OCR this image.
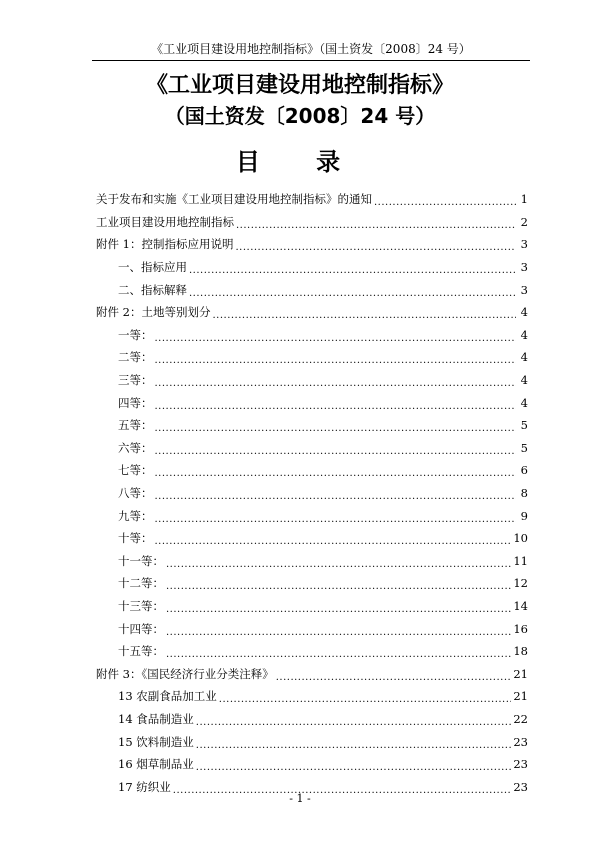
《工业项目建设用地控制指标》（国土资发〔2008〕24 号）
《工业项目建设用地控制指标》
（国土资发〔2008〕24 号）
目 录
关于发布和实施《工业项目建设用地控制指标》的通知 .....	1
工业项目建设用地控制指标 .....	2
附件 1：控制指标应用说明 .....	3
一、指标应用 .....	3
二、指标解释 .....	3
附件 2：土地等别划分 .....	4
一等： .....	4
二等： .....	4
三等： .....	4
四等： .....	4
五等： .....	5
六等： .....	5
七等： .....	6
八等： .....	8
九等： .....	9
十等： .....	10
十一等： .....	11
十二等： .....	12
十三等： .....	14
十四等： .....	16
十五等： .....	18
附件 3：《国民经济行业分类注释》 .....	21
13 农副食品加工业 .....	21
14 食品制造业 .....	22
15 饮料制造业 .....	23
16 烟草制品业 .....	23
17 纺织业 .....	23
- 1 -
